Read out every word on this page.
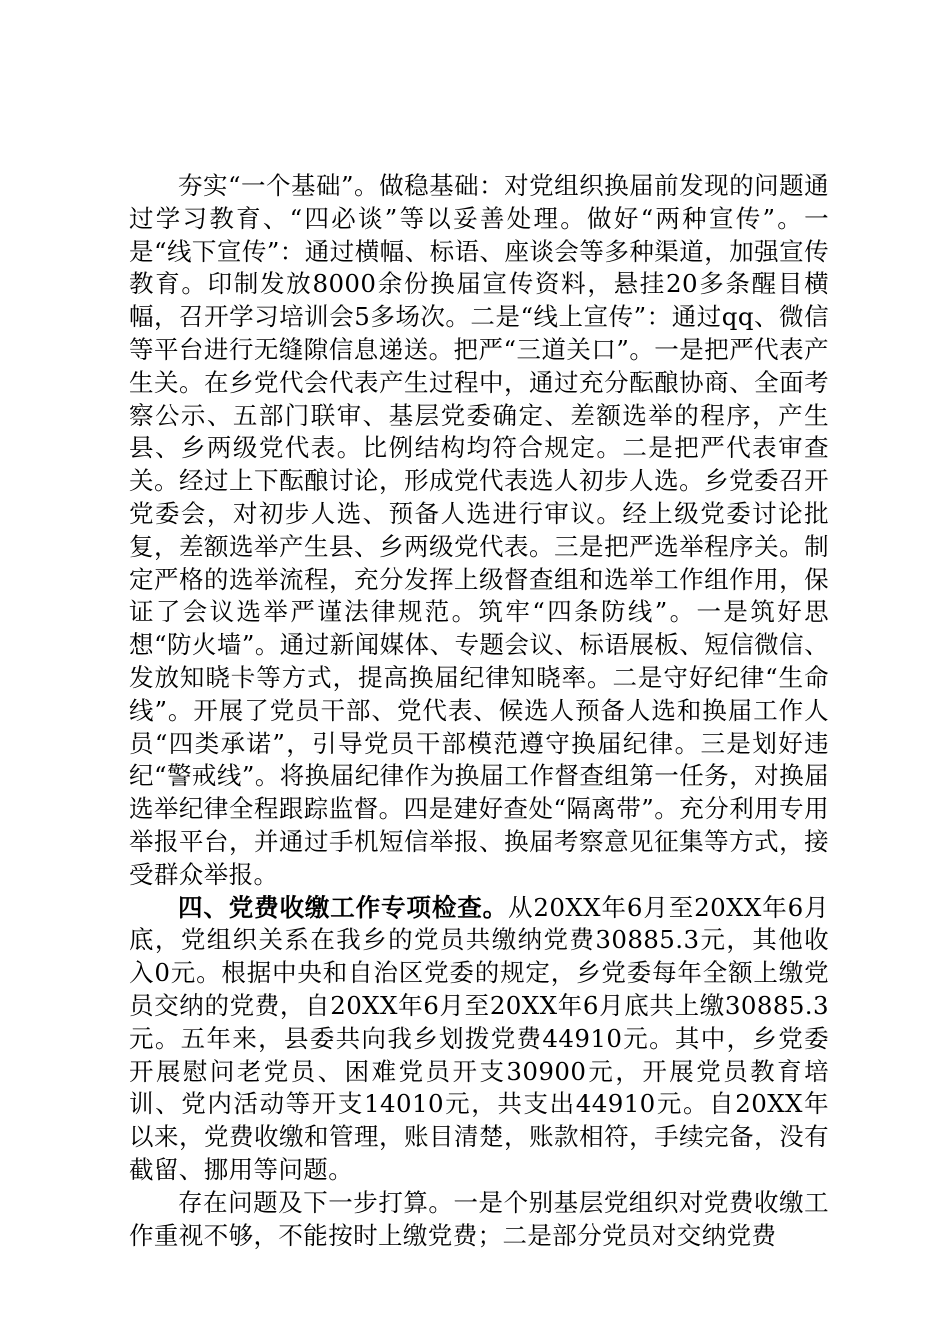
夯实“一个基础”。做稳基础：对党组织换届前发现的问题通过学习教育、“四必谈”等以妥善处理。做好“两种宣传”。一是“线下宣传”：通过横幅、标语、座谈会等多种渠道，加强宣传教育。印制发放8000余份换届宣传资料，悬挂20多条醒目横幅，召开学习培训会5多场次。二是“线上宣传”：通过qq、微信等平台进行无缝隙信息递送。把严“三道关口”。一是把严代表产生关。在乡党代会代表产生过程中，通过充分酝酿协商、全面考察公示、五部门联审、基层党委确定、差额选举的程序，产生县、乡两级党代表。比例结构均符合规定。二是把严代表审查关。经过上下酝酿讨论，形成党代表选人初步人选。乡党委召开党委会，对初步人选、预备人选进行审议。经上级党委讨论批复，差额选举产生县、乡两级党代表。三是把严选举程序关。制定严格的选举流程，充分发挥上级督查组和选举工作组作用，保证了会议选举严谨法律规范。筑牢“四条防线”。一是筑好思想“防火墙”。通过新闻媒体、专题会议、标语展板、短信微信、发放知晓卡等方式，提高换届纪律知晓率。二是守好纪律“生命线”。开展了党员干部、党代表、候选人预备人选和换届工作人员“四类承诺”，引导党员干部模范遵守换届纪律。三是划好违纪“警戒线”。将换届纪律作为换届工作督查组第一任务，对换届选举纪律全程跟踪监督。四是建好查处“隔离带”。充分利用专用举报平台，并通过手机短信举报、换届考察意见征集等方式，接受群众举报。

四、党费收缴工作专项检查。从20XX年6月至20XX年6月底，党组织关系在我乡的党员共缴纳党费30885.3元，其他收入0元。根据中央和自治区党委的规定，乡党委每年全额上缴党员交纳的党费，自20XX年6月至20XX年6月底共上缴30885.3元。五年来，县委共向我乡划拨党费44910元。其中，乡党委开展慰问老党员、困难党员开支30900元，开展党员教育培训、党内活动等开支14010元，共支出44910元。自20XX年以来，党费收缴和管理，账目清楚，账款相符，手续完备，没有截留、挪用等问题。

存在问题及下一步打算。一是个别基层党组织对党费收缴工作重视不够，不能按时上缴党费；二是部分党员对交纳党费
